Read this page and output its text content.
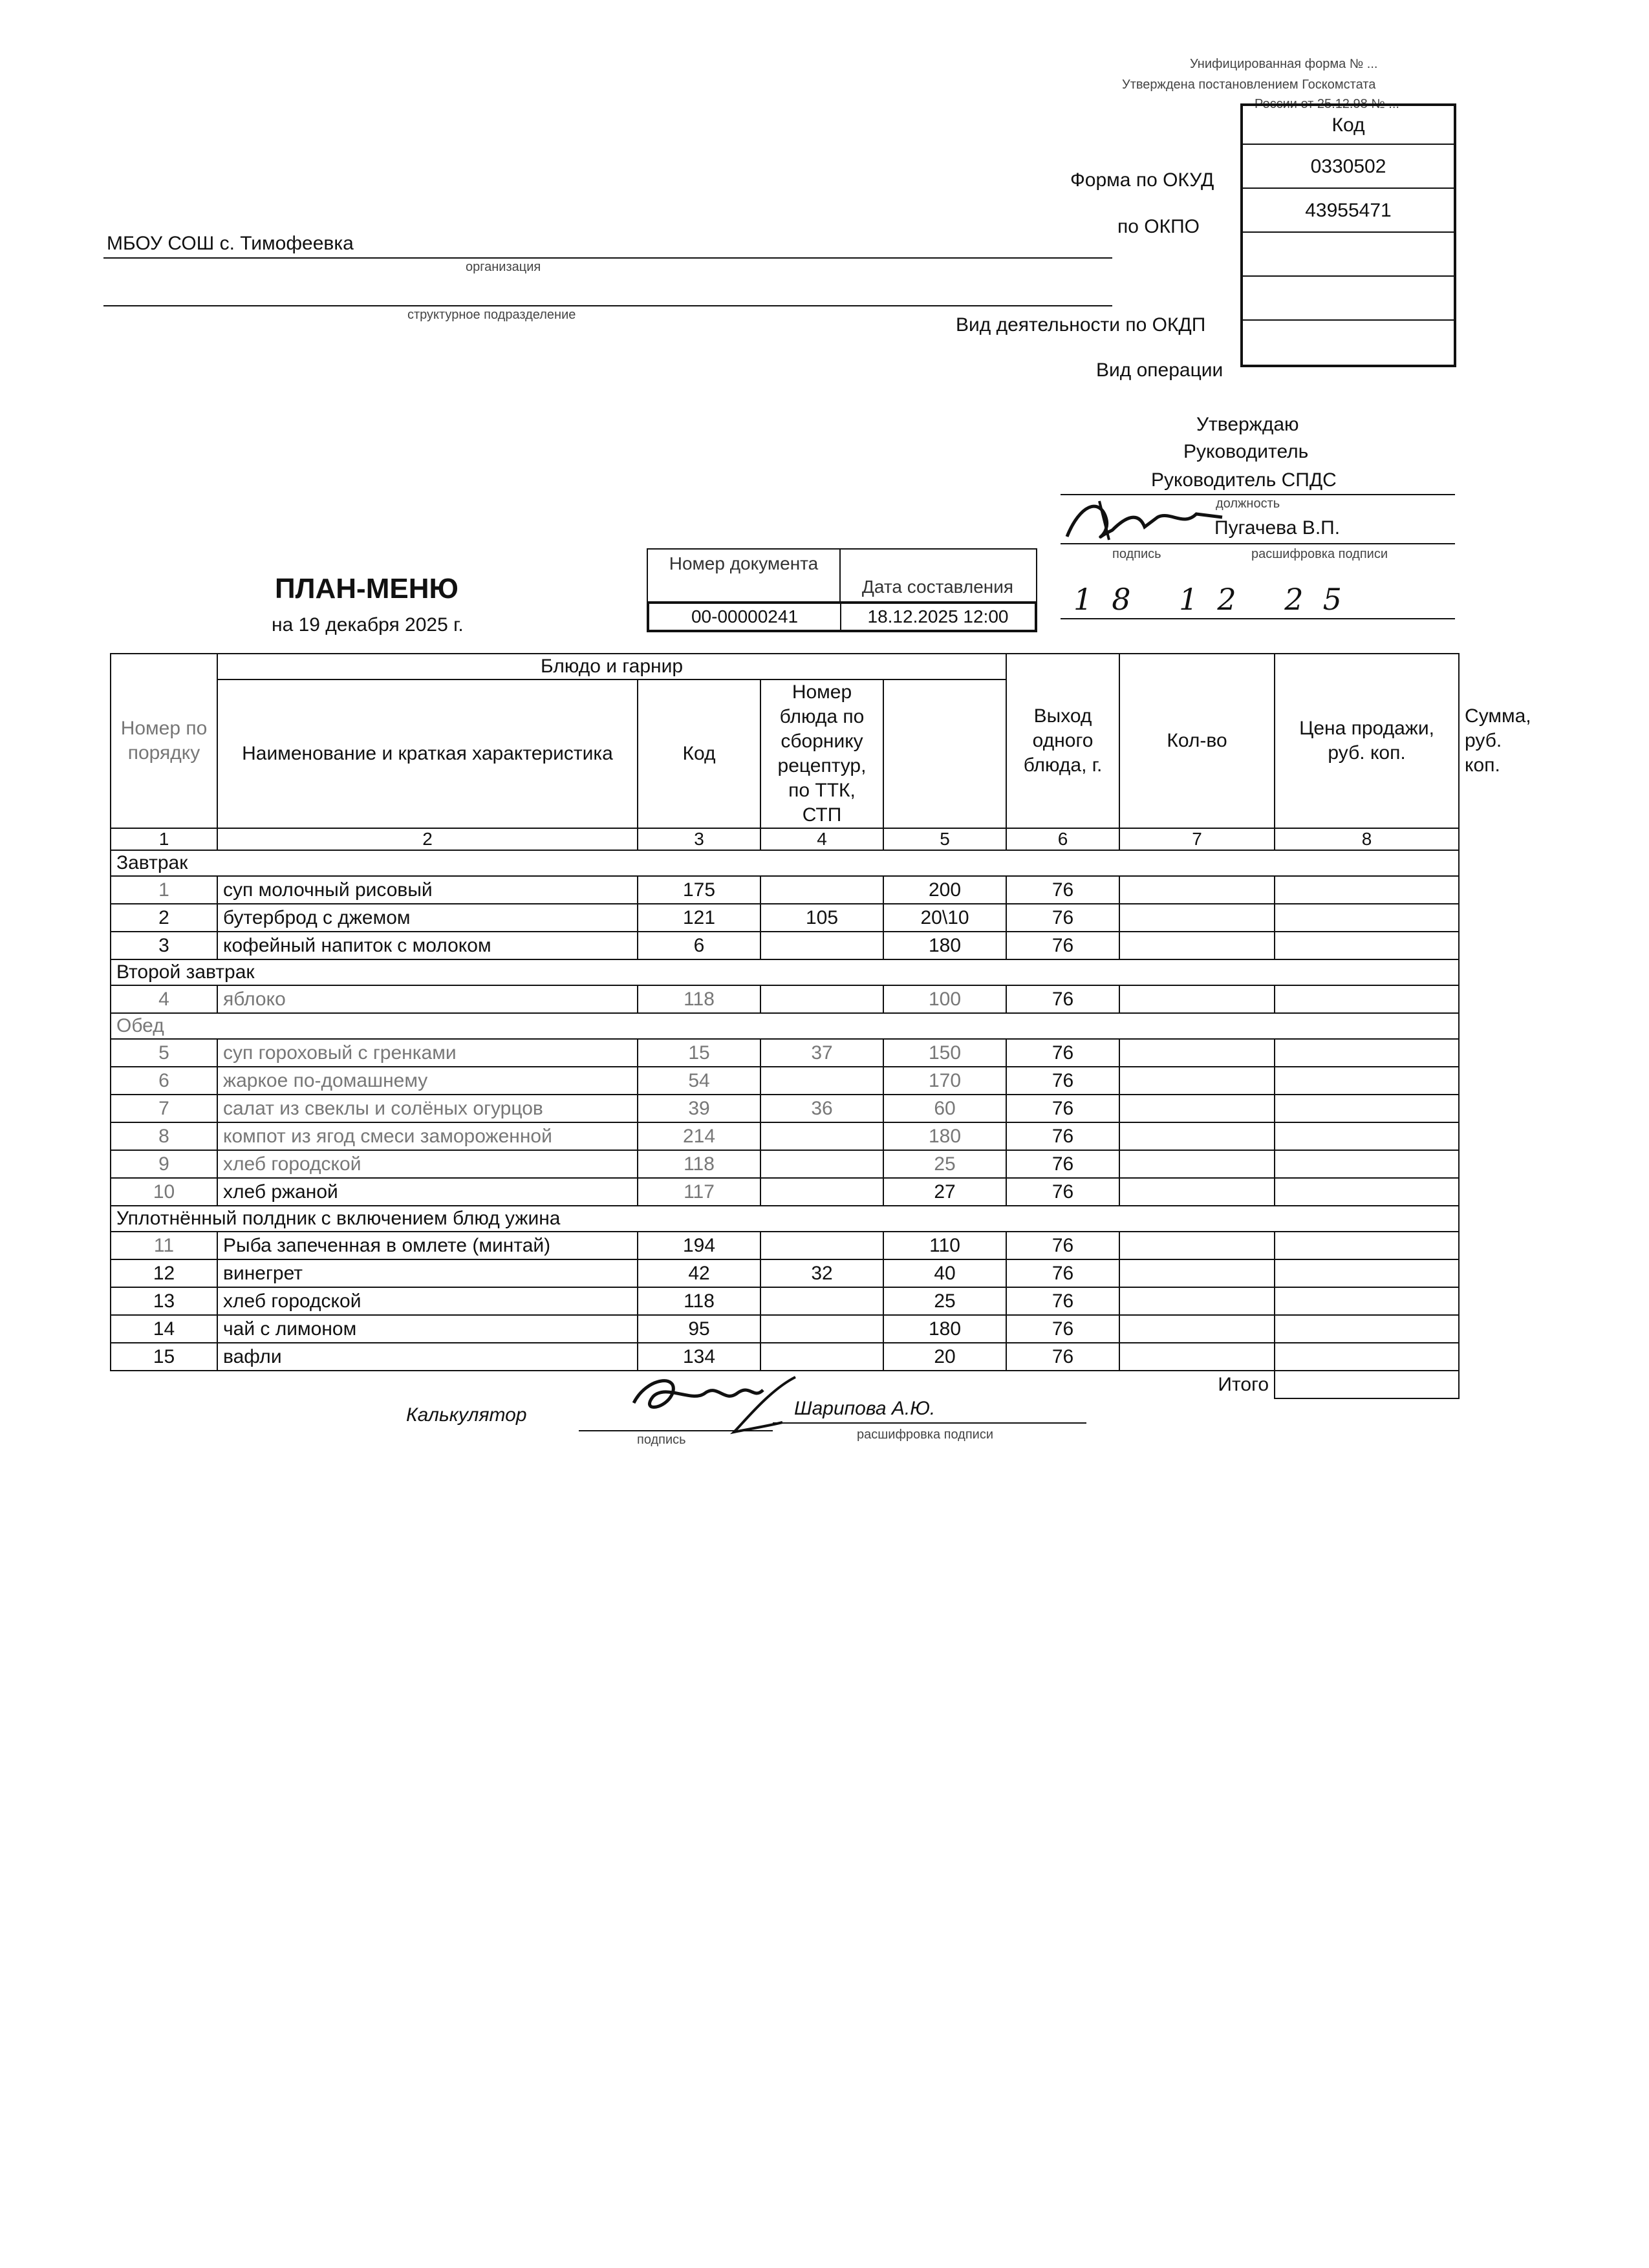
Унифицированная форма № ...
Утверждена постановлением Госкомстата
России от 25.12.98 № ...
Код
0330502
43955471
Форма по ОКУД
по ОКПО
Вид деятельности по ОКДП
Вид операции
МБОУ СОШ с. Тимофеевка
организация
структурное подразделение
Утверждаю
Руководитель
Руководитель СПДС
должность
подпись
Пугачева В.П.
расшифровка подписи
18 12 25
ПЛАН-МЕНЮ
на 19 декабря 2025 г.
Номер документа
Дата составления
00-00000241	18.12.2025 12:00
Номер по порядку	Блюдо и гарнир				Выход одного блюда, г.	Кол-во	Цена продажи, руб. коп.	Сумма, руб. коп.
	Наименование и краткая характеристика	Код	Номер блюда по сборнику рецептур, по ТТК, СТП					
1	2	3	4	5	6	7	8	
Завтрак								
1	суп молочный рисовый	175		200	76			
2	бутерброд с джемом	121	105	20\10	76			
3	кофейный напиток с молоком	6		180	76			
Второй завтрак								
4	яблоко	118		100	76			
Обед								
5	суп гороховый с гренками	15	37	150	76			
6	жаркое по-домашнему	54		170	76			
7	салат из свеклы и солёных огурцов	39	36	60	76			
8	компот из ягод смеси замороженной	214		180	76			
9	хлеб городской	118		25	76			
10	хлеб ржаной	117		27	76			
Уплотнённый полдник с включением блюд ужина								
11	Рыба запеченная в омлете (минтай)	194		110	76			
12	винегрет	42	32	40	76			
13	хлеб городской	118		25	76			
14	чай с лимоном	95		180	76			
15	вафли	134		20	76			
Итого								
Калькулятор
подпись
Шарипова А.Ю.
расшифровка подписи
